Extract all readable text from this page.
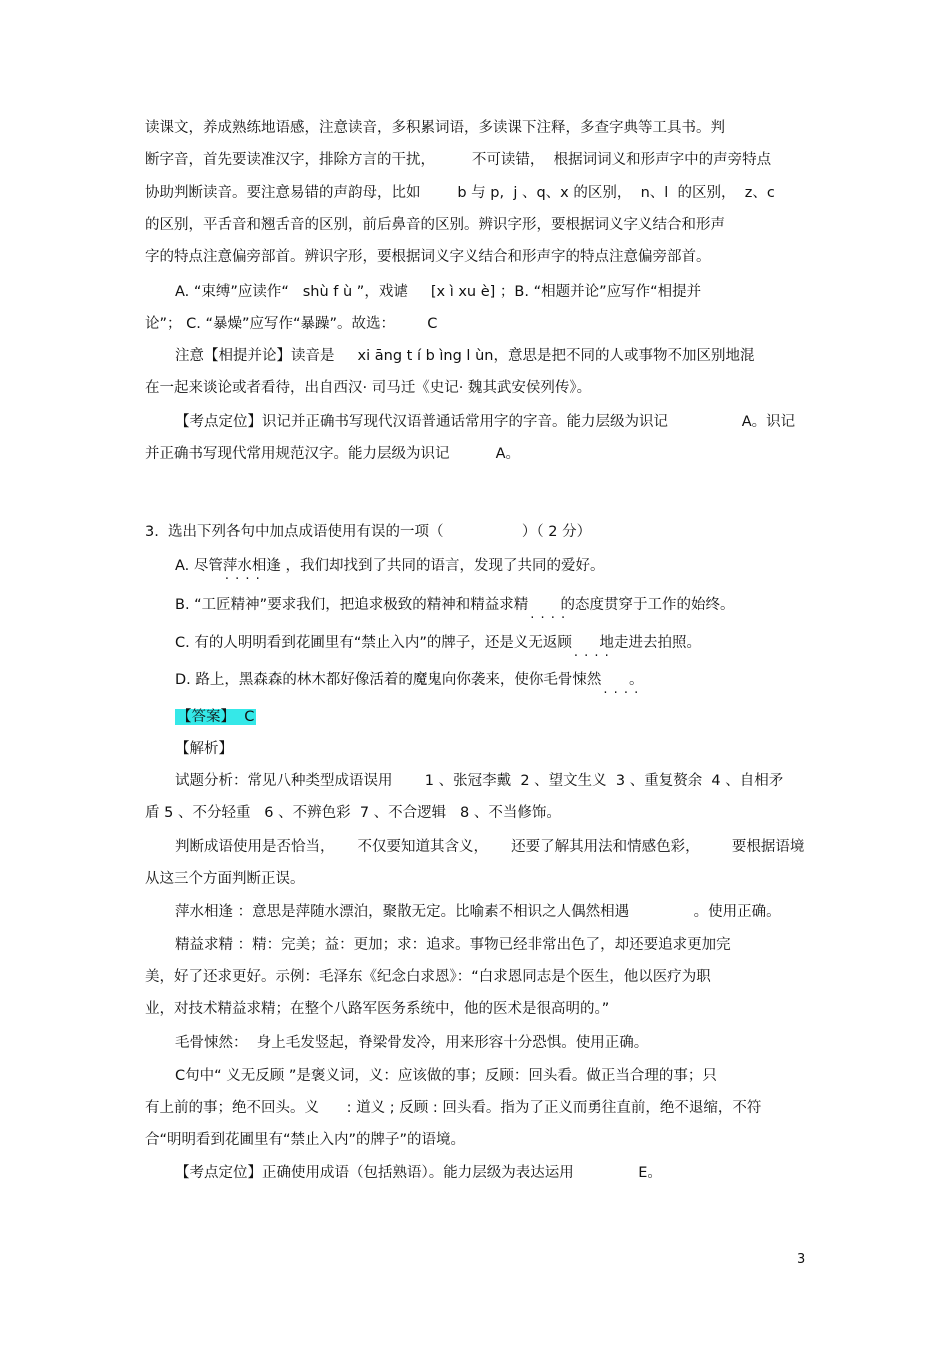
读课文，养成熟练地语感，注意读音，多积累词语，多读课下注释，多查字典等工具书。判
断字音，首先要读准汉字，排除方言的干扰，        不可读错，  根据词词义和形声字中的声旁特点
协助判断读音。要注意易错的声韵母，比如        b 与 p,  j 、q、x 的区别，  n、l  的区别，  z、c
的区别，平舌音和翘舌音的区别，前后鼻音的区别。辨识字形，要根据词义字义结合和形声
字的特点注意偏旁部首。辨识字形，要根据词义字义结合和形声字的特点注意偏旁部首。
A. “束缚”应读作“   shù f ù ”，戏谑     [x ì xu è] ；B. “相题并论”应写作“相提并
论”； C. “暴燥”应写作“暴躁”。故选：       C
注意【相提并论】读音是     xi āng t í b ìng l ùn，意思是把不同的人或事物不加区别地混
在一起来谈论或者看待，出自西汉· 司马迁《史记· 魏其武安侯列传》。
【考点定位】识记并正确书写现代汉语普通话常用字的字音。能力层级为识记                A。识记
并正确书写现代常用规范汉字。能力层级为识记          A。
3.  选出下列各句中加点成语使用有误的一项（                 ）（ 2 分）
A. 尽管萍水相逢 · · · · ，我们却找到了共同的语言，发现了共同的爱好。
B. “工匠精神”要求我们，把追求极致的精神和精益求精     · · · ·   的态度贯穿于工作的始终。
C. 有的人明明看到花圃里有“禁止入内”的牌子，还是义无返顾    · · · ·   地走进去拍照。
D. 路上，黑森森的林木都好像活着的魔鬼向你袭来，使你毛骨悚然     · · · ·  。
【答案】  C
【解析】
试题分析：常见八种类型成语误用       1 、张冠李戴  2 、望文生义  3 、重复赘余  4 、自相矛
盾 5 、不分轻重   6 、不辨色彩  7 、不合逻辑   8 、不当修饰。
判断成语使用是否恰当，     不仅要知道其含义，     还要了解其用法和情感色彩，       要根据语境
从这三个方面判断正误。
萍水相逢 ：意思是萍随水漂泊，聚散无定。比喻素不相识之人偶然相遇              。使用正确。
精益求精 ：精：完美；益：更加；求：追求。事物已经非常出色了，却还要追求更加完
美，好了还求更好。示例：毛泽东《纪念白求恩》：“白求恩同志是个医生，他以医疗为职
业，对技术精益求精；在整个八路军医务系统中，他的医术是很高明的。”
毛骨悚然：  身上毛发竖起，脊梁骨发冷，用来形容十分恐惧。使用正确。
C句中“ 义无反顾 ”是褒义词，义：应该做的事；反顾：回头看。做正当合理的事；只
有上前的事；绝不回头。义      : 道义 ; 反顾 : 回头看。指为了正义而勇往直前，绝不退缩，不符
合“明明看到花圃里有“禁止入内”的牌子”的语境。
【考点定位】正确使用成语（包括熟语）。能力层级为表达运用              E。
3
